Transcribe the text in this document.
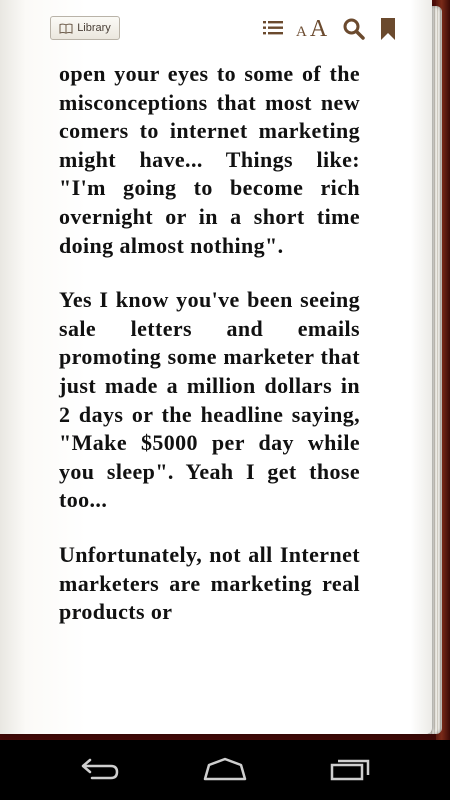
Library	A A

open your eyes to some of the misconceptions that most new comers to internet marketing might have... Things like: "I'm going to become rich overnight or in a short time doing almost nothing".

Yes I know you've been seeing sale letters and emails promoting some marketer that just made a million dollars in 2 days or the headline saying, "Make $5000 per day while you sleep". Yeah I get those too...

Unfortunately, not all Internet marketers are marketing real products or
